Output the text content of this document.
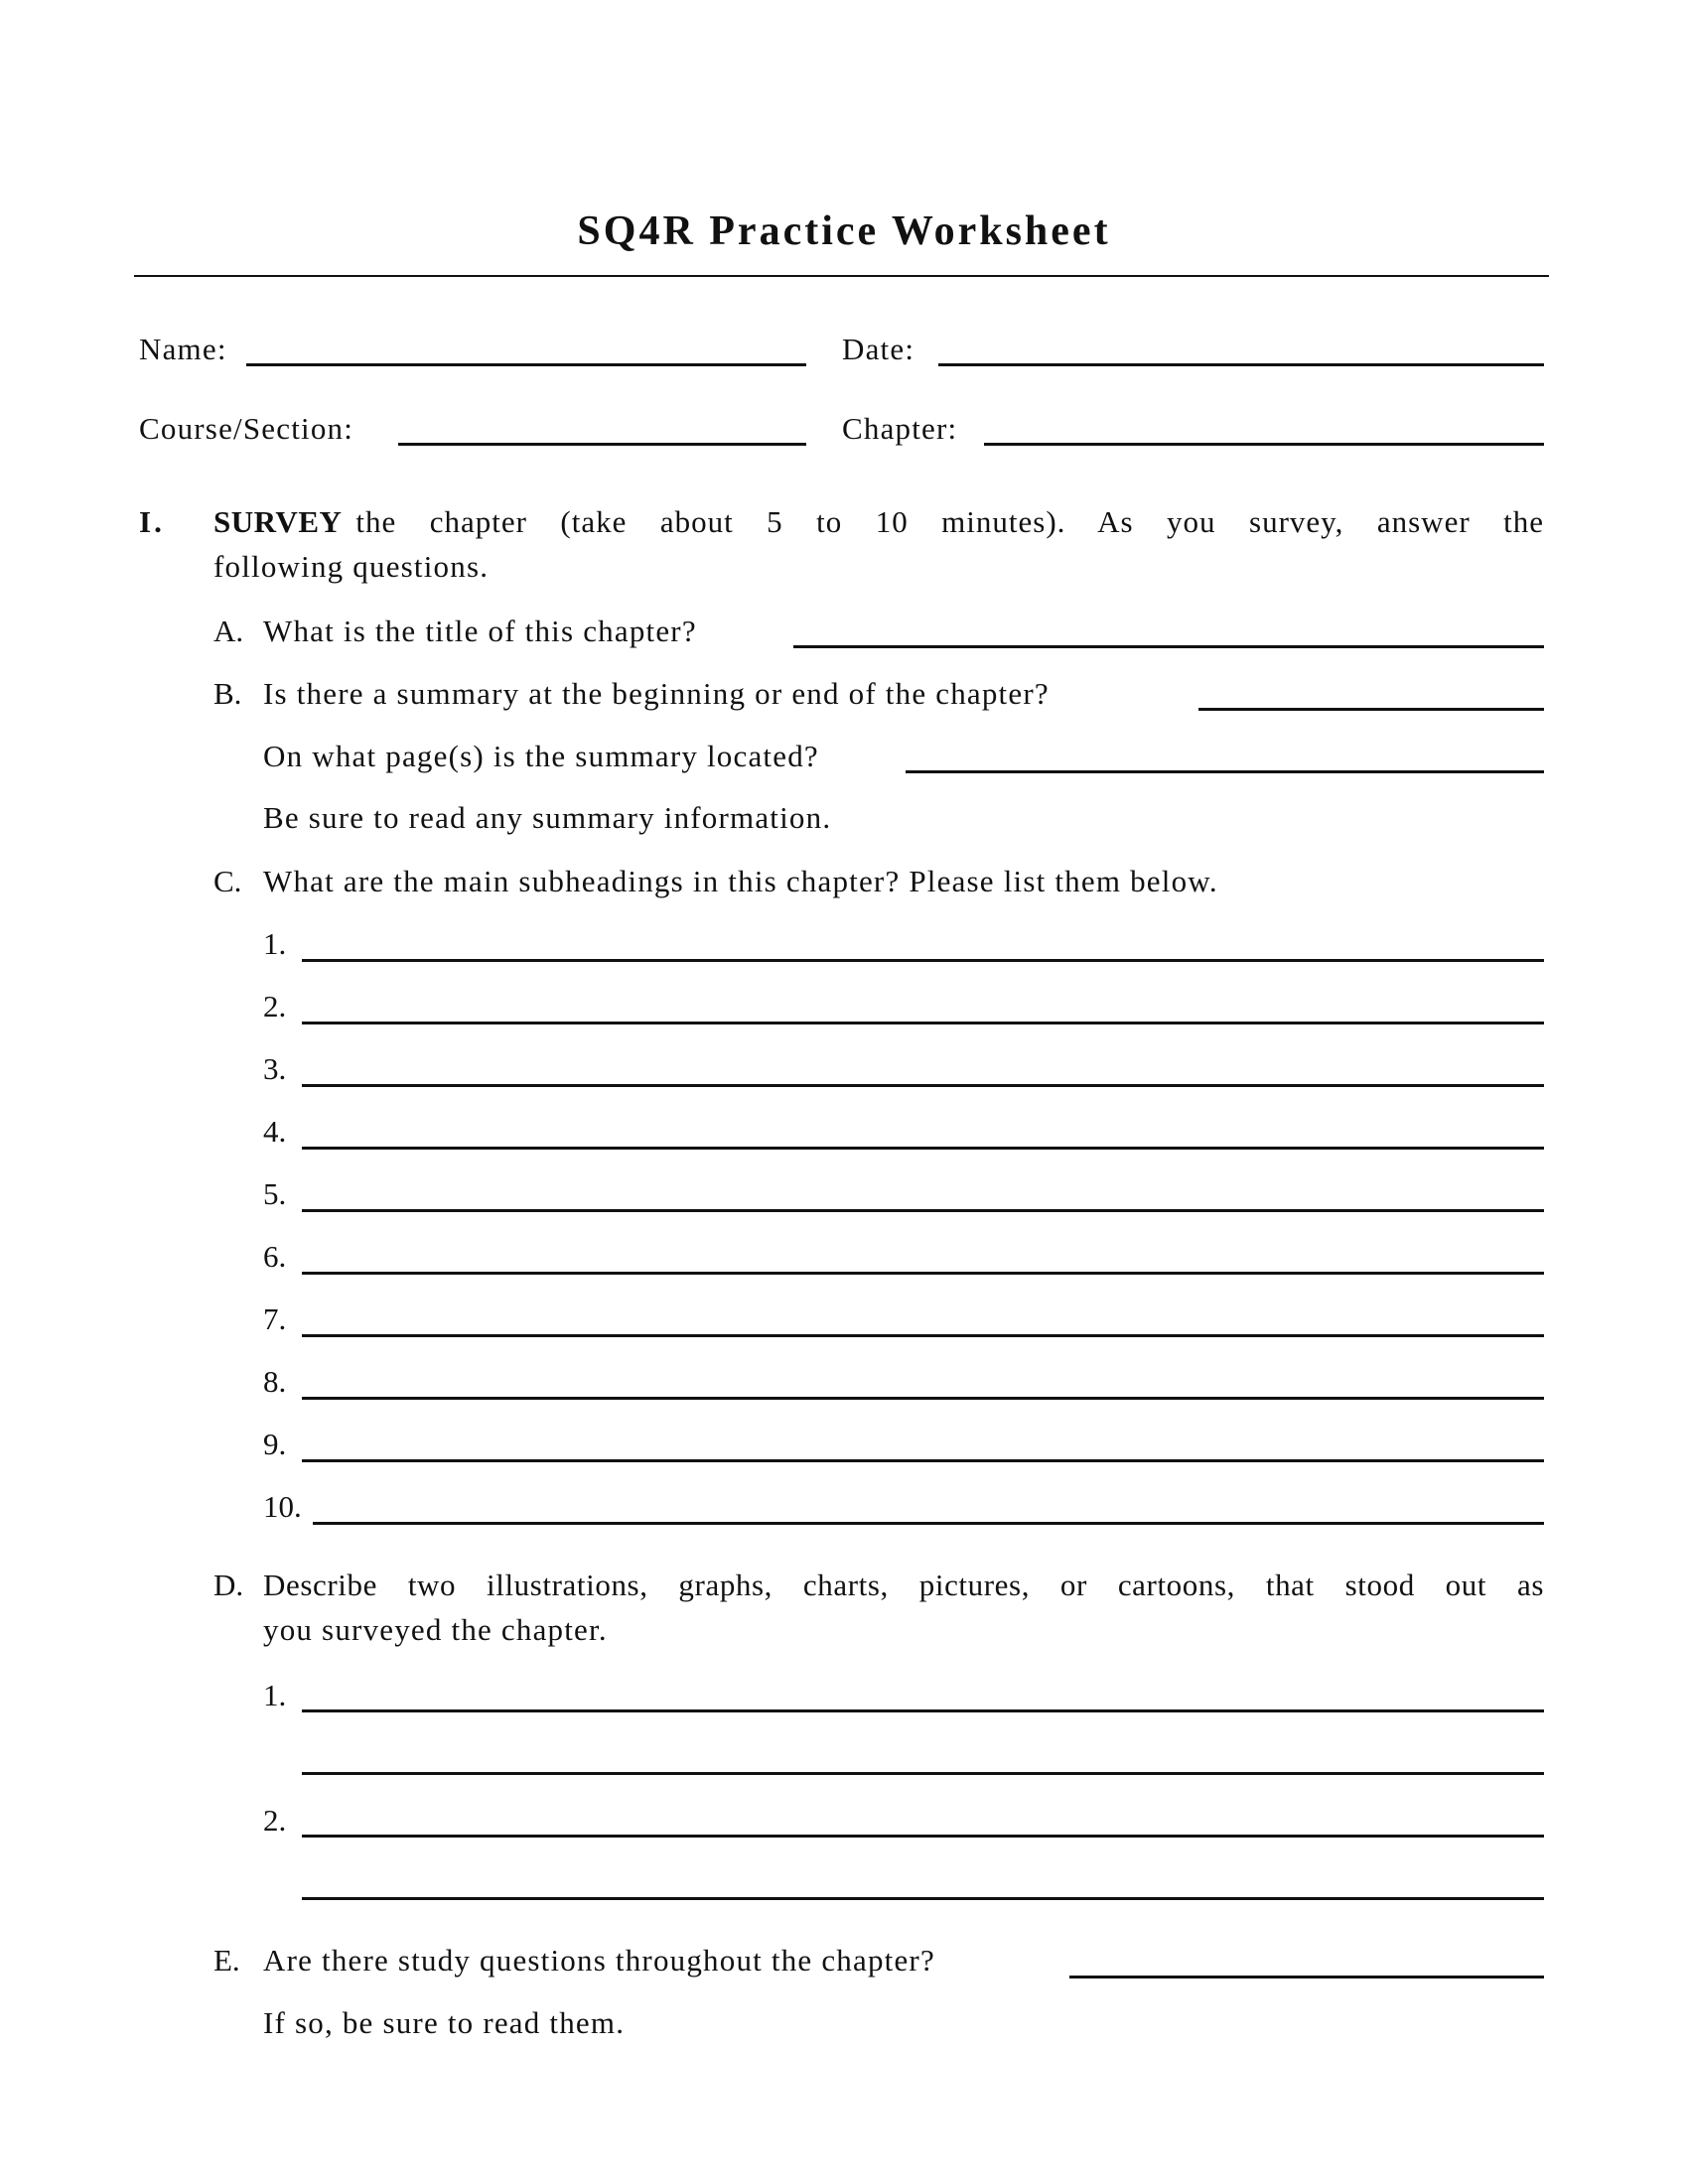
SQ4R Practice Worksheet
Name:	Date:
Course/Section:	Chapter:
I. SURVEY the chapter (take about 5 to 10 minutes). As you survey, answer the
following questions.
A. What is the title of this chapter?
B. Is there a summary at the beginning or end of the chapter?
On what page(s) is the summary located?
Be sure to read any summary information.
C. What are the main subheadings in this chapter? Please list them below.
1.
2.
3.
4.
5.
6.
7.
8.
9.
10.
D. Describe two illustrations, graphs, charts, pictures, or cartoons, that stood out as
you surveyed the chapter.
1.
2.
E. Are there study questions throughout the chapter?
If so, be sure to read them.
